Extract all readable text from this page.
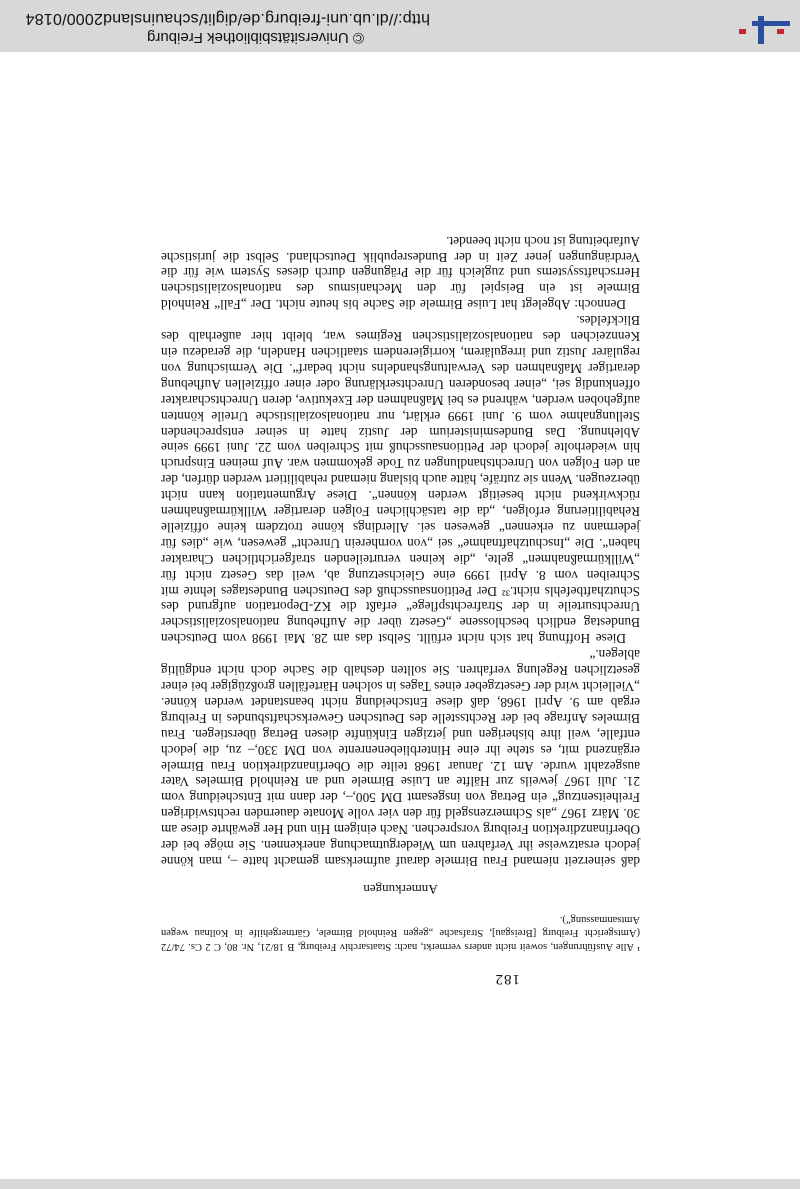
182
¹ Alle Ausführungen, soweit nicht anders vermerkt, nach: Staatsarchiv Freiburg, B 18/21, Nr. 80, C 2 Cs. 74/72 (Amtsgericht Freiburg [Breisgau], Strafsache „gegen Reinhold Birmele, Gärtnergehilfe in Kollnau wegen Amtsanmassung“).
Anmerkungen

daß seinerzeit niemand Frau Birmele darauf aufmerksam gemacht hatte –, man könne jedoch ersatzweise ihr Verfahren um Wiedergutmachung anerkennen. Sie möge bei der Oberfinanzdirektion Freiburg vorsprechen. Nach einigem Hin und Her gewährte diese am 30. März 1967 „als Schmerzensgeld für den vier volle Monate dauernden rechtswidrigen Freiheitsentzug“ ein Betrag von insgesamt DM 500,–, der dann mit Entscheidung vom 21. Juli 1967 jeweils zur Hälfte an Luise Birmele und an Reinhold Birmeles Vater ausgezahlt wurde. Am 12. Januar 1968 teilte die Oberfinanzdirektion Frau Birmele ergänzend mit, es stehe ihr eine Hinterbliebenenrente von DM 330,– zu, die jedoch entfalle, weil ihre bisherigen und jetzigen Einkünfte diesen Betrag überstiegen. Frau Birmeles Anfrage bei der Rechtsstelle des Deutschen Gewerkschaftsbundes in Freiburg ergab am 9. April 1968, daß diese Entscheidung nicht beanstandet werden könne. „Vielleicht wird der Gesetzgeber eines Tages in solchen Härtefällen großzügiger bei einer gesetzlichen Regelung verfahren. Sie sollten deshalb die Sache doch nicht endgültig ablegen.“

Diese Hoffnung hat sich nicht erfüllt. Selbst das am 28. Mai 1998 vom Deutschen Bundestag endlich beschlossene „Gesetz über die Aufhebung nationalsozialistischer Unrechtsurteile in der Strafrechtspflege“ erfaßt die KZ-Deportation aufgrund des Schutzhaftbefehls nicht.³² Der Petitionsausschuß des Deutschen Bundestages lehnte mit Schreiben vom 8. April 1999 eine Gleichsetzung ab, weil das Gesetz nicht für „Willkürmaßnahmen“ gelte, „die keinen verurteilenden strafgerichtlichen Charakter haben“. Die „Inschutzhaftnahme“ sei „von vornherein Unrecht“ gewesen, wie „dies für jedermann zu erkennen“ gewesen sei. Allerdings könne trotzdem keine offizielle Rehabilitierung erfolgen, „da die tatsächlichen Folgen derartiger Willkürmaßnahmen rückwirkend nicht beseitigt werden können“. Diese Argumentation kann nicht überzeugen. Wenn sie zuträfe, hätte auch bislang niemand rehabilitiert werden dürfen, der an den Folgen von Unrechtshandlungen zu Tode gekommen war. Auf meinen Einspruch hin wiederholte jedoch der Petitionsausschuß mit Schreiben vom 22. Juni 1999 seine Ablehnung. Das Bundesministerium der Justiz hatte in seiner entsprechenden Stellungnahme vom 9. Juni 1999 erklärt, nur nationalsozialistische Urteile könnten aufgehoben werden, während es bei Maßnahmen der Exekutive, deren Unrechtscharakter offenkundig sei, „einer besonderen Unrechtserklärung oder einer offiziellen Aufhebung derartiger Maßnahmen des Verwaltungshandelns nicht bedarf“. Die Vermischung von regulärer Justiz und irregulärem, korrigierendem staatlichen Handeln, die geradezu ein Kennzeichen des nationalsozialistischen Regimes war, bleibt hier außerhalb des Blickfeldes.

Dennoch: Abgelegt hat Luise Birmele die Sache bis heute nicht. Der „Fall“ Reinhold Birmele ist ein Beispiel für den Mechanismus des nationalsozialistischen Herrschaftssystems und zugleich für die Prägungen durch dieses System wie für die Verdrängungen jener Zeit in der Bundesrepublik Deutschland. Selbst die juristische Aufarbeitung ist noch nicht beendet.

© Universitätsbibliothek Freiburg
http://dl.ub.uni-freiburg.de/diglit/schauinsland2000/0184
